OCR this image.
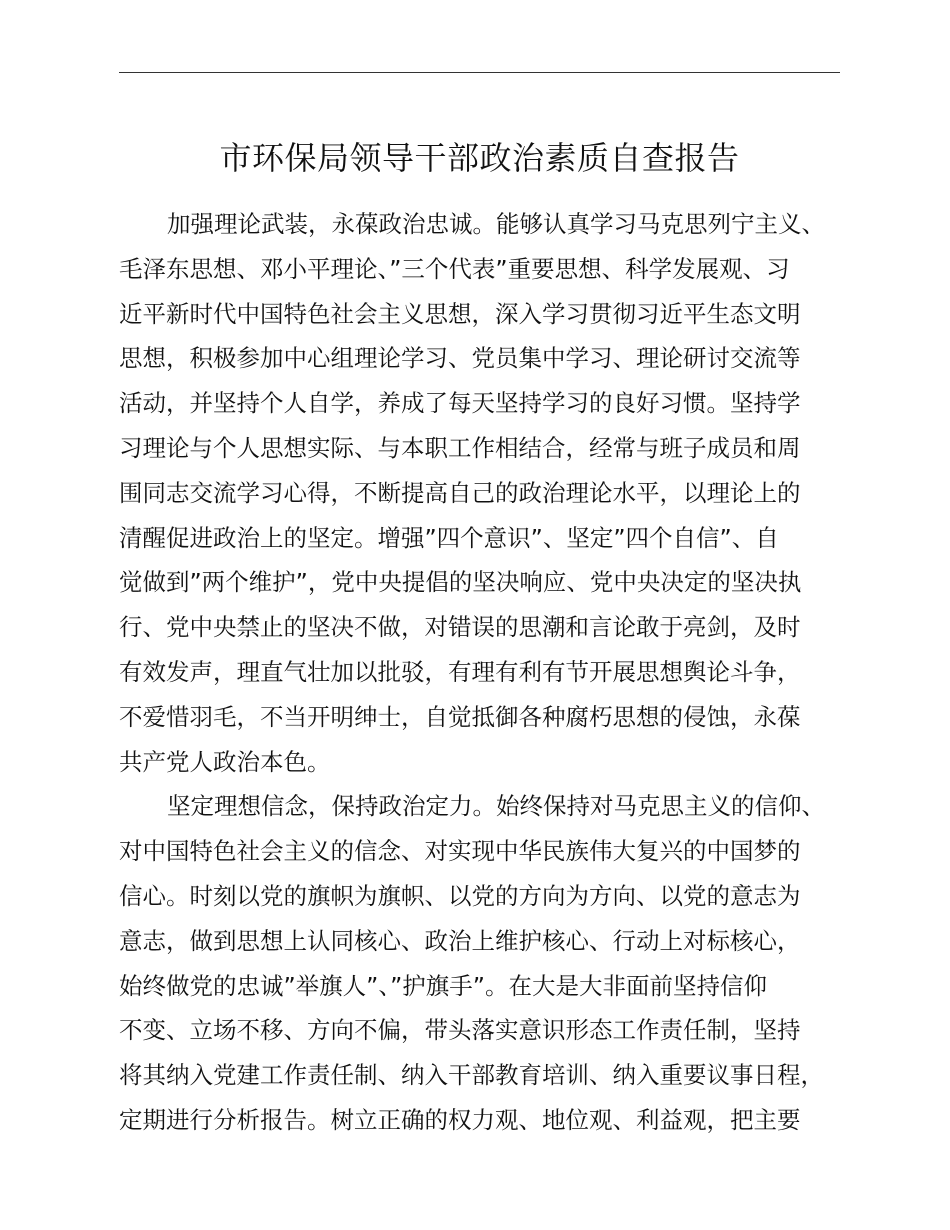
市环保局领导干部政治素质自查报告
加强理论武装，永葆政治忠诚。能够认真学习马克思列宁主义、
毛泽东思想、邓小平理论、”三个代表”重要思想、科学发展观、习
近平新时代中国特色社会主义思想，深入学习贯彻习近平生态文明
思想，积极参加中心组理论学习、党员集中学习、理论研讨交流等
活动，并坚持个人自学，养成了每天坚持学习的良好习惯。坚持学
习理论与个人思想实际、与本职工作相结合，经常与班子成员和周
围同志交流学习心得，不断提高自己的政治理论水平，以理论上的
清醒促进政治上的坚定。增强”四个意识”、坚定”四个自信”、自
觉做到”两个维护”，党中央提倡的坚决响应、党中央决定的坚决执
行、党中央禁止的坚决不做，对错误的思潮和言论敢于亮剑，及时
有效发声，理直气壮加以批驳，有理有利有节开展思想舆论斗争，
不爱惜羽毛，不当开明绅士，自觉抵御各种腐朽思想的侵蚀，永葆
共产党人政治本色。
坚定理想信念，保持政治定力。始终保持对马克思主义的信仰、
对中国特色社会主义的信念、对实现中华民族伟大复兴的中国梦的
信心。时刻以党的旗帜为旗帜、以党的方向为方向、以党的意志为
意志，做到思想上认同核心、政治上维护核心、行动上对标核心，
始终做党的忠诚”举旗人”、”护旗手”。在大是大非面前坚持信仰
不变、立场不移、方向不偏，带头落实意识形态工作责任制，坚持
将其纳入党建工作责任制、纳入干部教育培训、纳入重要议事日程，
定期进行分析报告。树立正确的权力观、地位观、利益观，把主要
